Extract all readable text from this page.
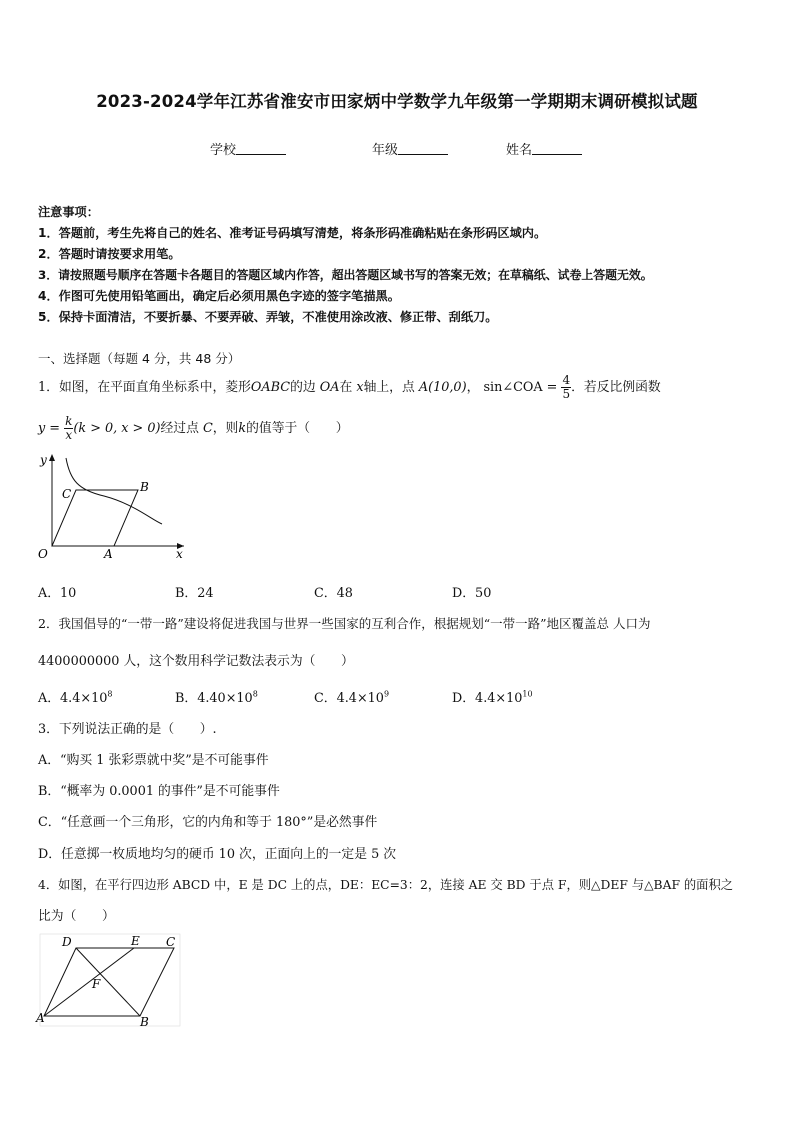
2023-2024学年江苏省淮安市田家炳中学数学九年级第一学期期末调研模拟试题
学校	年级	姓名
注意事项：
1．答题前，考生先将自己的姓名、准考证号码填写清楚，将条形码准确粘贴在条形码区域内。
2．答题时请按要求用笔。
3．请按照题号顺序在答题卡各题目的答题区域内作答，超出答题区域书写的答案无效；在草稿纸、试卷上答题无效。
4．作图可先使用铅笔画出，确定后必须用黑色字迹的签字笔描黑。
5．保持卡面清洁，不要折暴、不要弄破、弄皱，不准使用涂改液、修正带、刮纸刀。
一、选择题（每题 4 分，共 48 分）
1．如图，在平面直角坐标系中，菱形OABC的边 OA在 x轴上，点 A(10,0)， sin∠COA = $\frac{4}{5}$ ．若反比例函数
$y = \frac{k}{x} (k > 0$, x > 0)经过点 C，则k的值等于（　　）
y
x
O	A
B
C
A．10	B．24	C．48	D．50
2．我国倡导的“一带一路”建设将促进我国与世界一些国家的互利合作，根据规划“一带一路”地区覆盖总 人口为
4400000000 人，这个数用科学记数法表示为（　　）
A．$4.4\times 10^8$	B．$4.40\times 10^8$	C．$4.4\times 10^9$	D．$4.4\times 10^{10}$
3．下列说法正确的是（　　）.
A．“购买 1 张彩票就中奖”是不可能事件
B．“概率为 0.0001 的事件”是不可能事件
C．“任意画一个三角形，它的内角和等于 180°”是必然事件
D．任意掷一枚质地均匀的硬币 10 次，正面向上的一定是 5 次
4．如图，在平行四边形 ABCD 中，E 是 DC 上的点，DE：EC=3：2，连接 AE 交 BD 于点 F，则△DEF 与△BAF 的面积之
比为（　　）
D	E C
F
A	B
